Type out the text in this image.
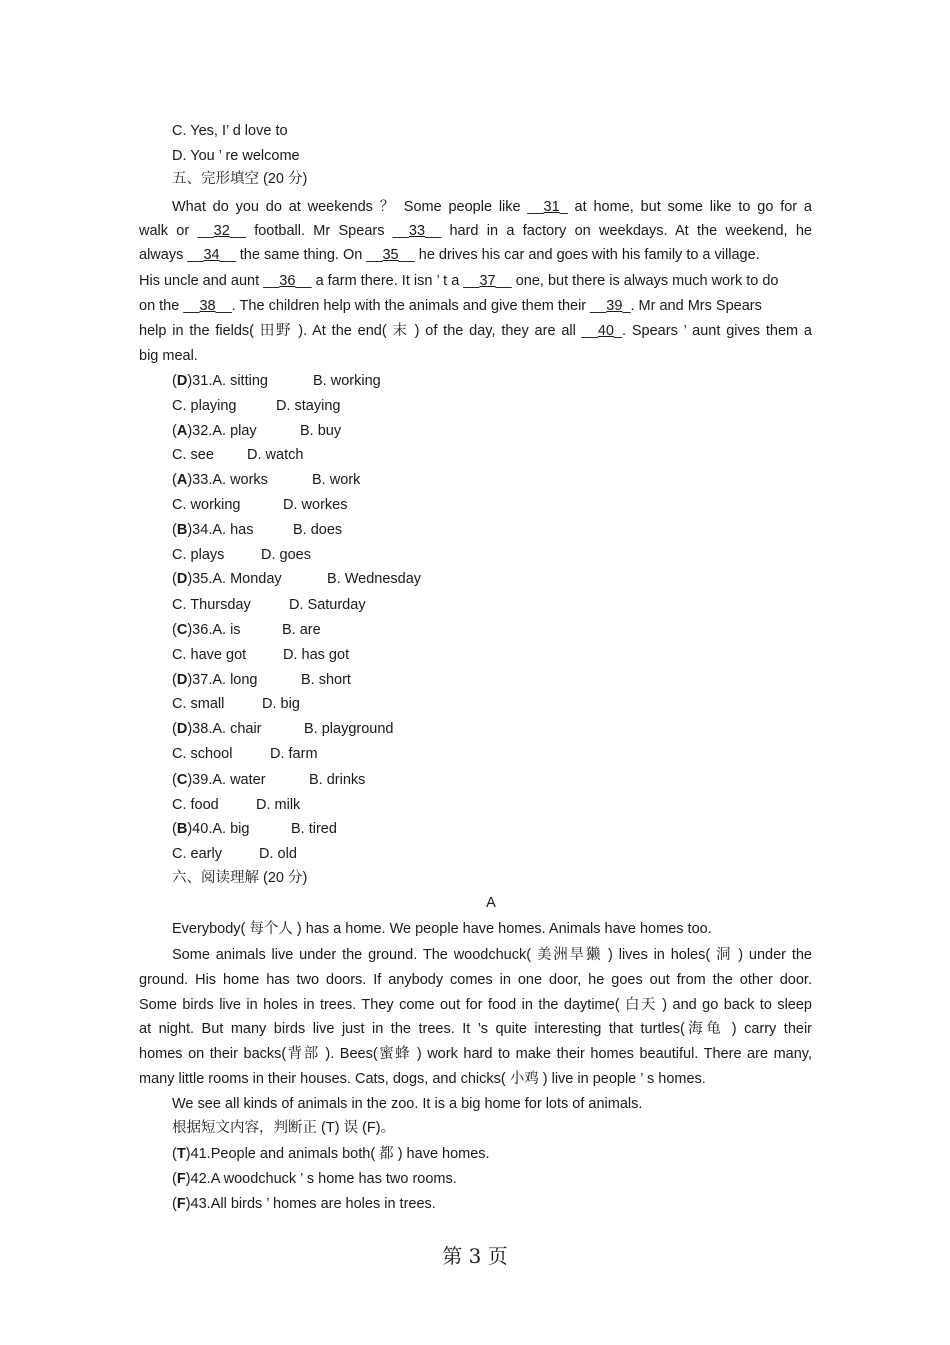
C. Yes, I’ d love to
D. You ’ re welcome
五、完形填空 (20 分)
What do you do at weekends ？ Some people like __31_ at home, but some like to go for a
walk or __32__ football. Mr Spears __33__ hard in a factory on weekdays. At the weekend, he
always __34__ the same thing. On __35__ he drives his car and goes with his family to a village.
His uncle and aunt __36__ a farm there. It isn ’ t a __37__ one, but there is always much work to do
on the __38__. The children help with the animals and give them their __39_. Mr and Mrs Spears
help in the fields( 田野 ). At the end( 末 ) of the day, they are all __40_. Spears ’ aunt gives them a
big meal.
(D)31.A. sitting	B. working
C. playing	D. staying
(A)32.A. play	B. buy
C. see D. watch
(A)33.A. works	B. work
C. working	D. workes
(B)34.A. has	B. does
C. plays	D. goes
(D)35.A. Monday	B. Wednesday
C. Thursday	D. Saturday
(C)36.A. is	B. are
C. have got	D. has got
(D)37.A. long	B. short
C. small	D. big
(D)38.A. chair	B. playground
C. school	D. farm
(C)39.A. water	B. drinks
C. food	D. milk
(B)40.A. big	B. tired
C. early	D. old
六、阅读理解 (20 分)
A
Everybody( 每个人 ) has a home. We people have homes. Animals have homes too.
Some animals live under the ground. The woodchuck( 美洲旱獭 ) lives in holes( 洞 ) under the
ground. His home has two doors. If anybody comes in one door, he goes out from the other door.
Some birds live in holes in trees. They come out for food in the daytime( 白天 ) and go back to sleep
at night. But many birds live just in the trees. It ’s quite interesting that turtles(海龟 ) carry their
homes on their backs(背部 ). Bees(蜜蜂 ) work hard to make their homes beautiful. There are many,
many little rooms in their houses. Cats, dogs, and chicks( 小鸡 ) live in people ’ s homes.
We see all kinds of animals in the zoo. It is a big home for lots of animals.
根据短文内容，判断正 (T) 误 (F)。
(T)41.People and animals both( 都 ) have homes.
(F)42.A woodchuck ’ s home has two rooms.
(F)43.All birds ’ homes are holes in trees.
第 3 页
